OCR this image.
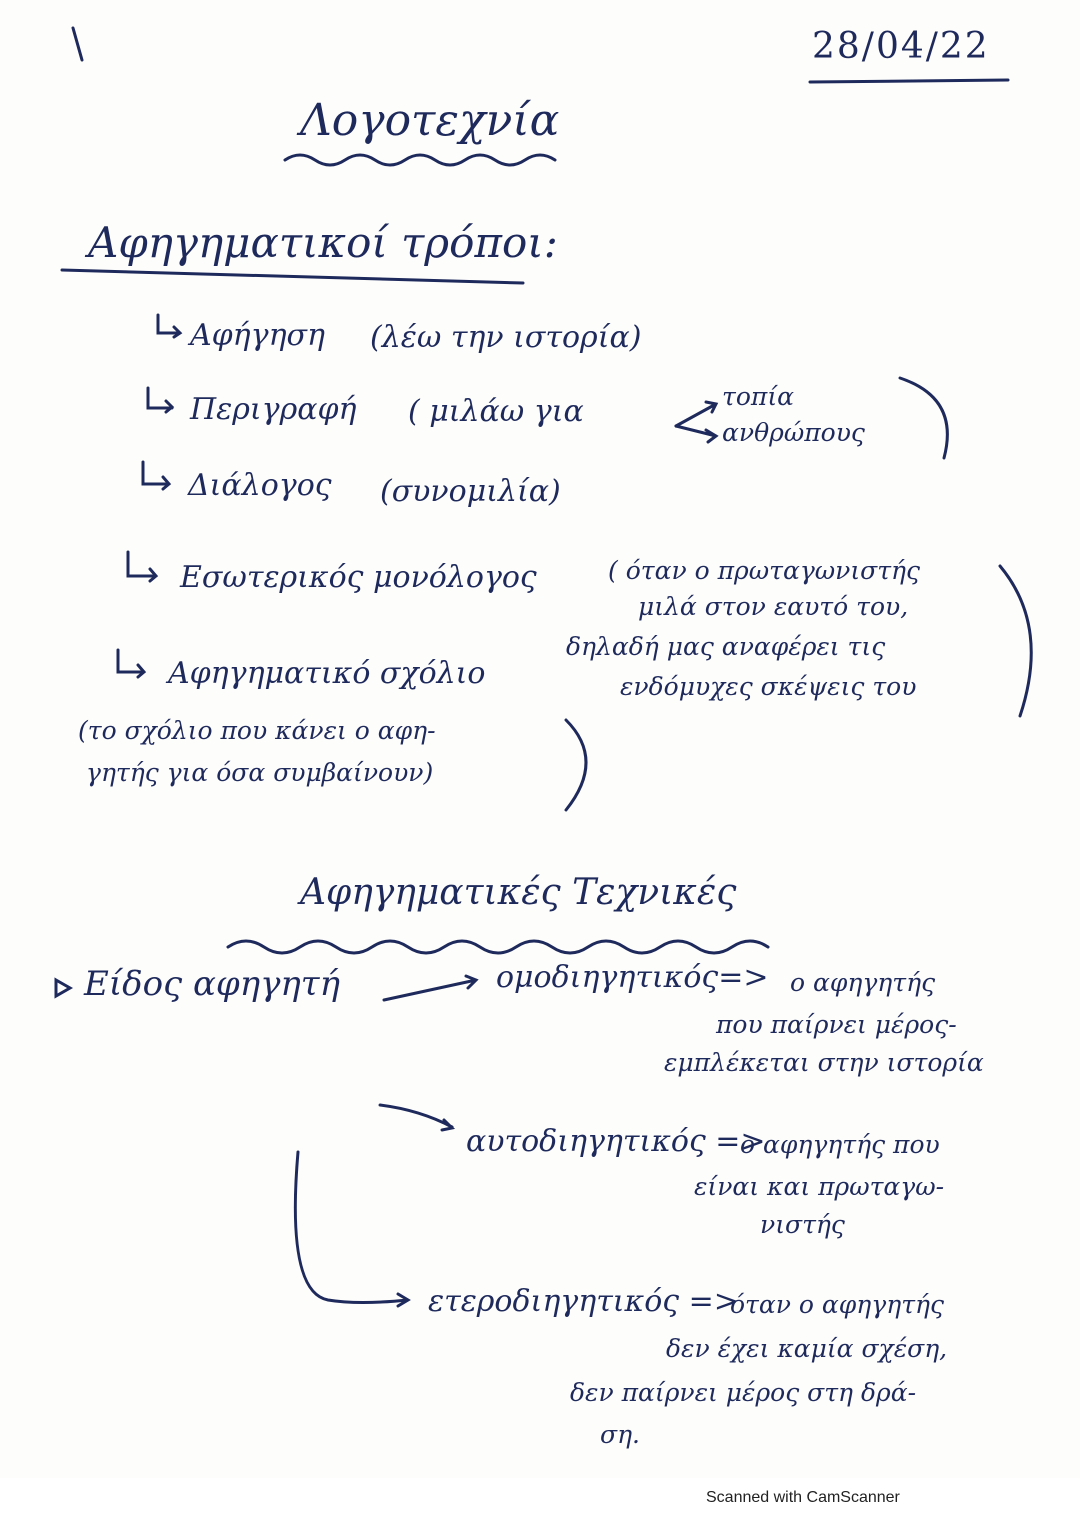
28/04/22
Λογοτεχνία
Αφηγηματικοί τρόποι:
Αφήγηση (λέω την ιστορία)
Περιγραφή ( μιλάω για	τοπία
ανθρώπους
Διάλογος (συνομιλία)
Εσωτερικός μονόλογος	( όταν ο πρωταγωνιστής
μιλά στον εαυτό του,
δηλαδή μας αναφέρει τις
ενδόμυχες σκέψεις του
Αφηγηματικό σχόλιο
(το σχόλιο που κάνει ο αφη-
γητής για όσα συμβαίνουν)
Αφηγηματικές Τεχνικές
Είδος αφηγητή	ομοδιηγητικός=> ο αφηγητής
που παίρνει μέρος-
εμπλέκεται στην ιστορία
αυτοδιηγητικός =>
ο αφηγητής που
είναι και πρωταγω-
νιστής
ετεροδιηγητικός =>
όταν ο αφηγητής
δεν έχει καμία σχέση,
δεν παίρνει μέρος στη δρά-
ση.
Scanned with CamScanner
